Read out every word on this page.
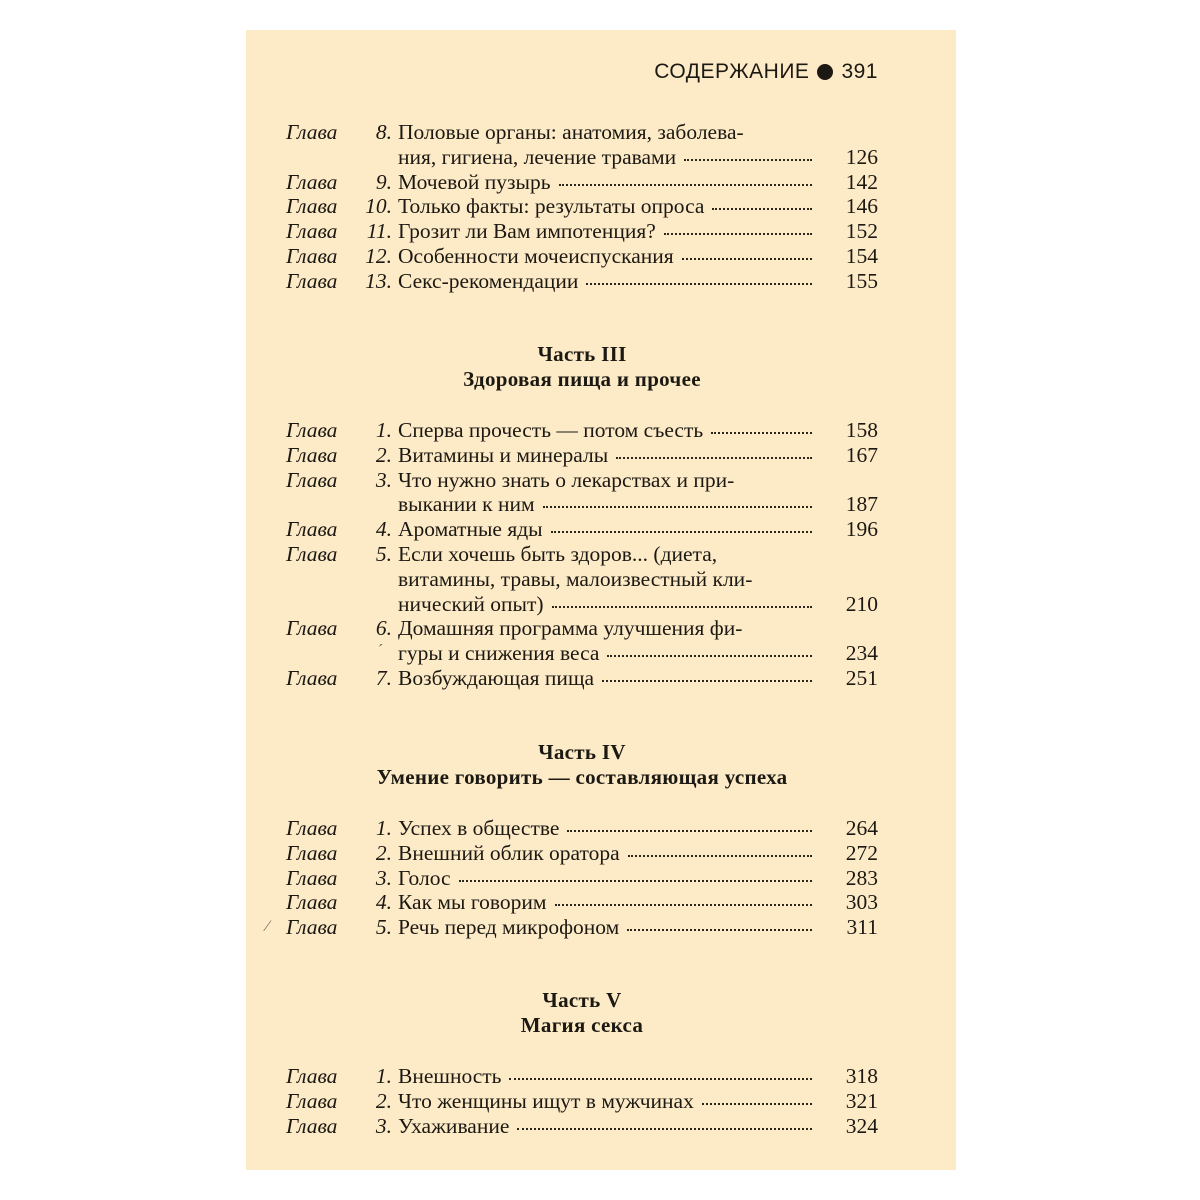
СОДЕРЖАНИЕ 391
Глава	8. Половые органы: анатомия, заболева-
ния, гигиена, лечение травами	126
Глава	9. Мочевой пузырь	142
Глава	10. Только факты: результаты опроса	146
Глава	11. Грозит ли Вам импотенция?	152
Глава	12. Особенности мочеиспускания	154
Глава	13. Секс-рекомендации	155
Часть III
Здоровая пища и прочее
Глава	1. Сперва прочесть — потом съесть	158
Глава	2. Витамины и минералы	167
Глава	3. Что нужно знать о лекарствах и при-
выкании к ним	187
Глава	4. Ароматные яды	196
Глава	5. Если хочешь быть здоров... (диета,
витамины, травы, малоизвестный кли-
нический опыт)	210
Глава	6. Домашняя программа улучшения фи-
гуры и снижения веса	234
Глава	7. Возбуждающая пища	251
Часть IV
Умение говорить — составляющая успеха
Глава	1. Успех в обществе	264
Глава	2. Внешний облик оратора	272
Глава	3. Голос	283
Глава	4. Как мы говорим	303
Глава	5. Речь перед микрофоном	311
Часть V
Магия секса
Глава	1. Внешность	318
Глава	2. Что женщины ищут в мужчинах	321
Глава	3. Ухаживание	324
∕
ˊ
